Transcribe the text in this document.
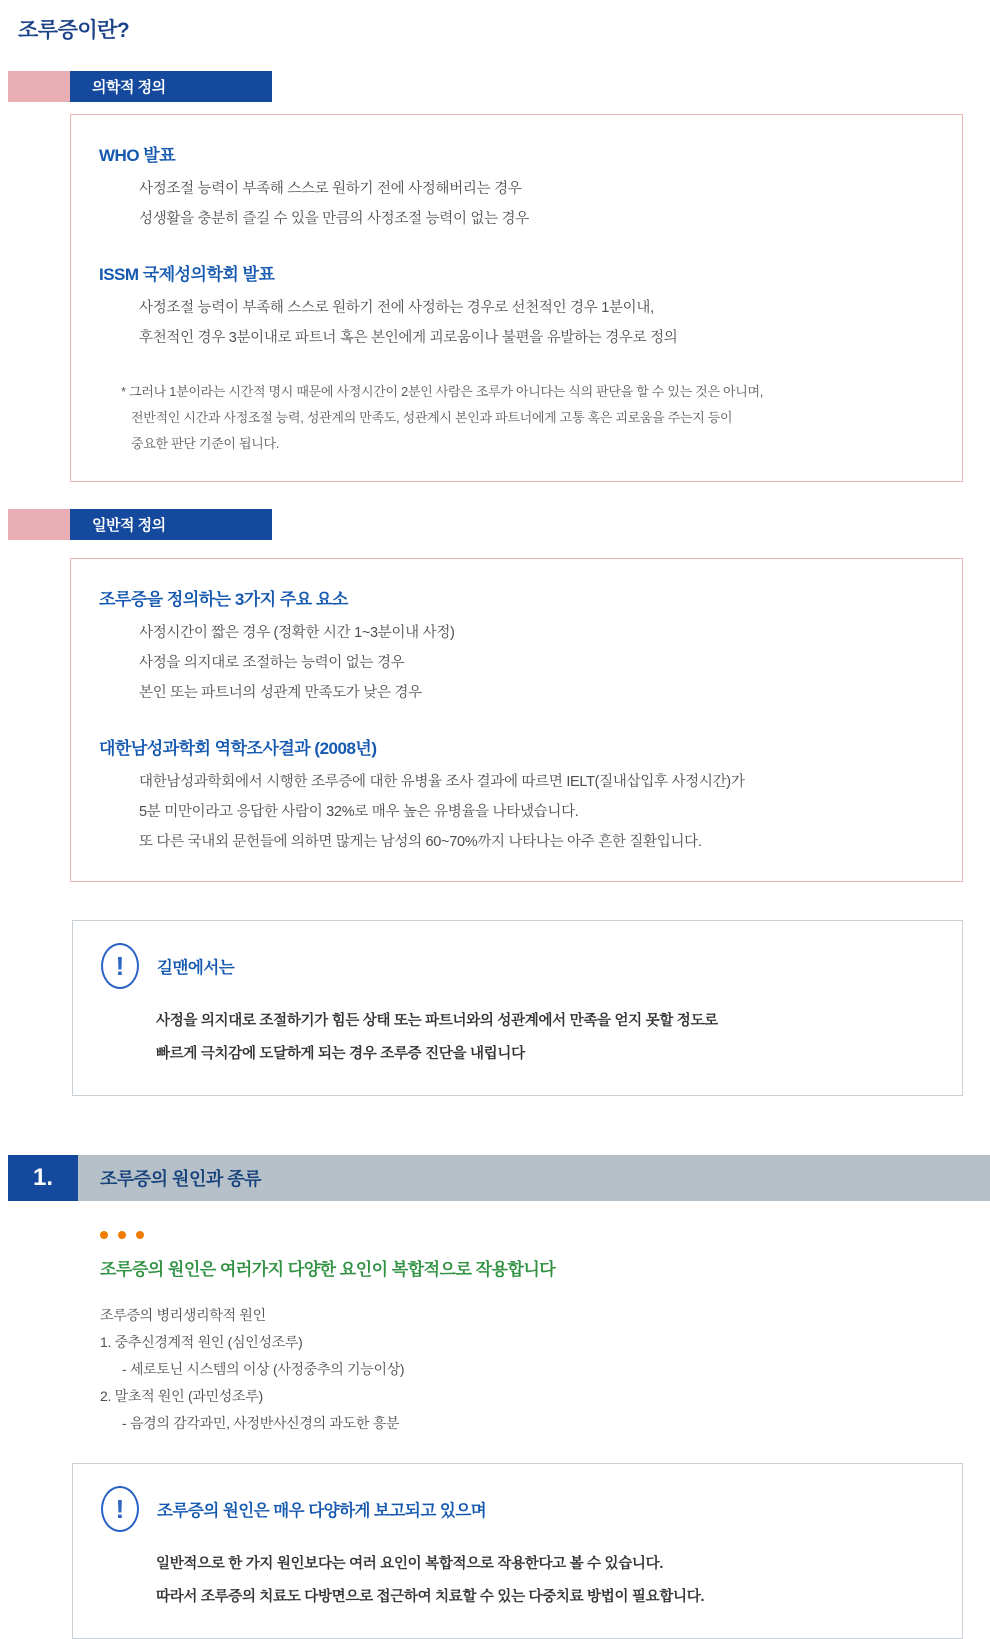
조루증이란?
의학적 정의
WHO 발표
사정조절 능력이 부족해 스스로 원하기 전에 사정해버리는 경우
성생활을 충분히 즐길 수 있을 만큼의 사정조절 능력이 없는 경우
ISSM 국제성의학회 발표
사정조절 능력이 부족해 스스로 원하기 전에 사정하는 경우로 선천적인 경우 1분이내,
후천적인 경우 3분이내로 파트너 혹은 본인에게 괴로움이나 불편을 유발하는 경우로 정의
* 그러나 1분이라는 시간적 명시 때문에 사정시간이 2분인 사람은 조루가 아니다는 식의 판단을 할 수 있는 것은 아니며,
전반적인 시간과 사정조절 능력, 성관계의 만족도, 성관계시 본인과 파트너에게 고통 혹은 괴로움을 주는지 등이
중요한 판단 기준이 됩니다.
일반적 정의
조루증을 정의하는 3가지 주요 요소
사정시간이 짧은 경우 (정확한 시간 1~3분이내 사정)
사정을 의지대로 조절하는 능력이 없는 경우
본인 또는 파트너의 성관계 만족도가 낮은 경우
대한남성과학회 역학조사결과 (2008년)
대한남성과학회에서 시행한 조루증에 대한 유병율 조사 결과에 따르면 IELT(질내삽입후 사정시간)가
5분 미만이라고 응답한 사람이 32%로 매우 높은 유병율을 나타냈습니다.
또 다른 국내외 문헌들에 의하면 많게는 남성의 60~70%까지 나타나는 아주 흔한 질환입니다.
!	길맨에서는
사정을 의지대로 조절하기가 힘든 상태 또는 파트너와의 성관계에서 만족을 얻지 못할 정도로
빠르게 극치감에 도달하게 되는 경우 조루증 진단을 내립니다
1.	조루증의 원인과 종류
조루증의 원인은 여러가지 다양한 요인이 복합적으로 작용합니다
조루증의 병리생리학적 원인
1. 중추신경계적 원인 (심인성조루)
- 세로토닌 시스템의 이상 (사정중추의 기능이상)
2. 말초적 원인 (과민성조루)
- 음경의 감각과민, 사정반사신경의 과도한 흥분
!	조루증의 원인은 매우 다양하게 보고되고 있으며
일반적으로 한 가지 원인보다는 여러 요인이 복합적으로 작용한다고 볼 수 있습니다.
따라서 조루증의 치료도 다방면으로 접근하여 치료할 수 있는 다중치료 방법이 필요합니다.
